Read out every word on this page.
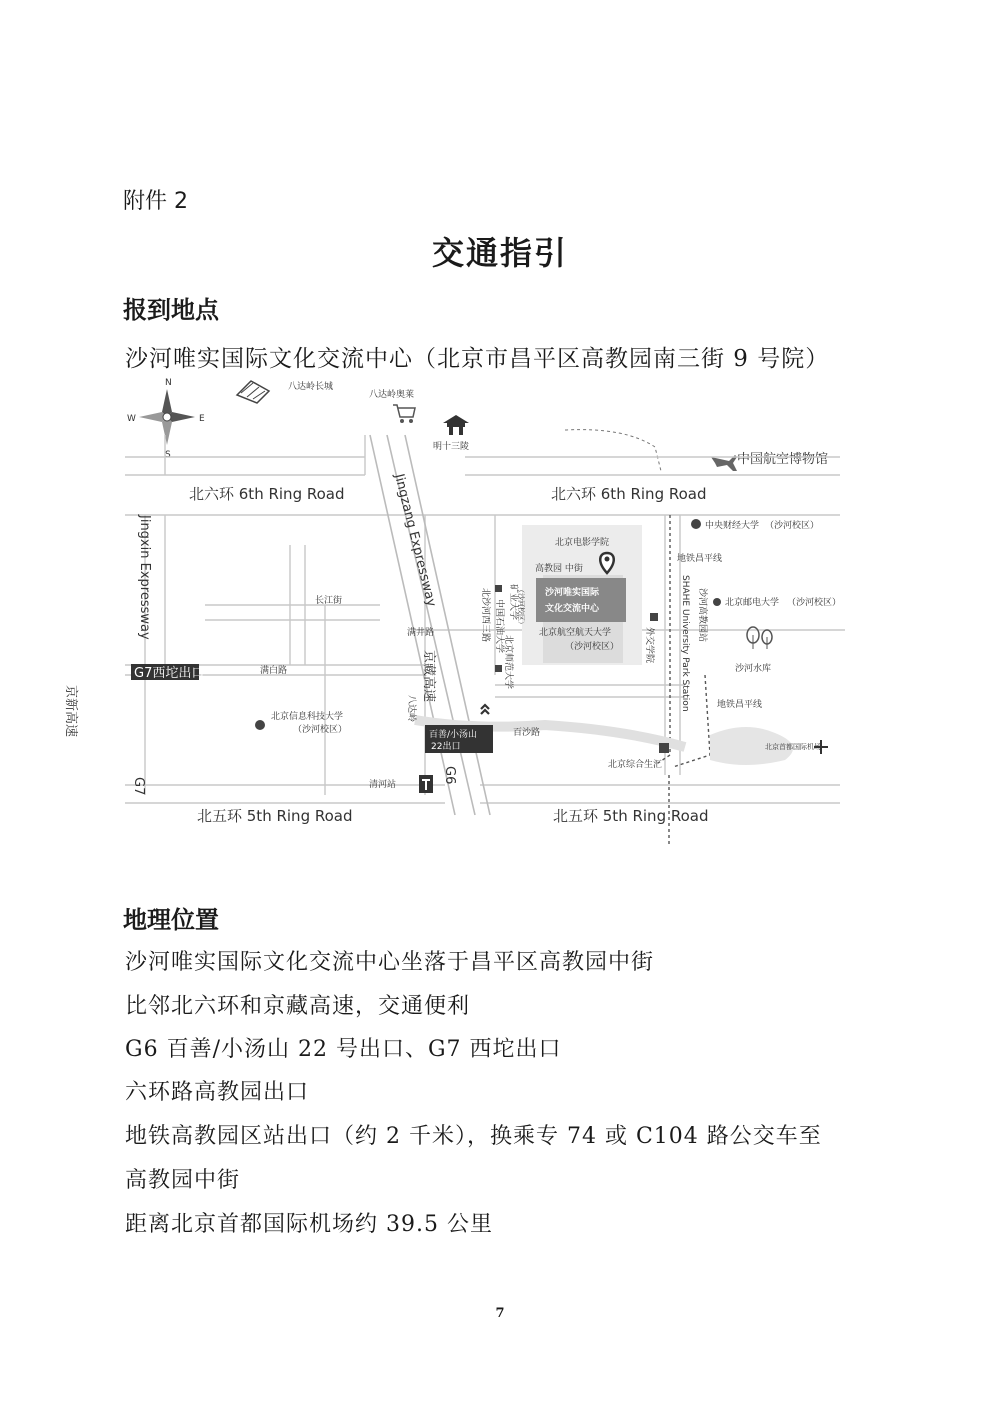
附件 2
交通指引
报到地点
沙河唯实国际文化交流中心（北京市昌平区高教园南三街 9 号院）
N
S
W	E
八达岭长城
八达岭奥莱
明十三陵
中国航空博物馆
G7西坨出口
百善/小汤山
22出口
北六环 6th Ring Road	北六环 6th Ring Road
北五环 5th Ring Road	北五环 5th Ring Road
Jingzang Expressway
Jingxin Expressway	SHAHE University Park Station
京藏高速
京新高速
G7
G6
北沙河西三路 矿业大学
北京师范大学	外交学院
沙河高教园站
八达岭
长江街
满白路
满井路
百沙路
北京电影学院
高教园 中街
沙河唯实国际
文化交流中心
北京航空航天大学
（沙河校区）
中央财经大学 （沙河校区）
地铁昌平线
北京邮电大学 （沙河校区）
沙河水库
地铁昌平线
北京首都国际机场
北京综合生汇
北京信息科技大学
（沙河校区）
清河站
（沙河校区）
中国石油大学
地理位置
沙河唯实国际文化交流中心坐落于昌平区高教园中街
比邻北六环和京藏高速，交通便利
G6 百善/小汤山 22 号出口、G7 西坨出口
六环路高教园出口
地铁高教园区站出口（约 2 千米），换乘专 74 或 C104 路公交车至
高教园中街
距离北京首都国际机场约 39.5 公里
7
